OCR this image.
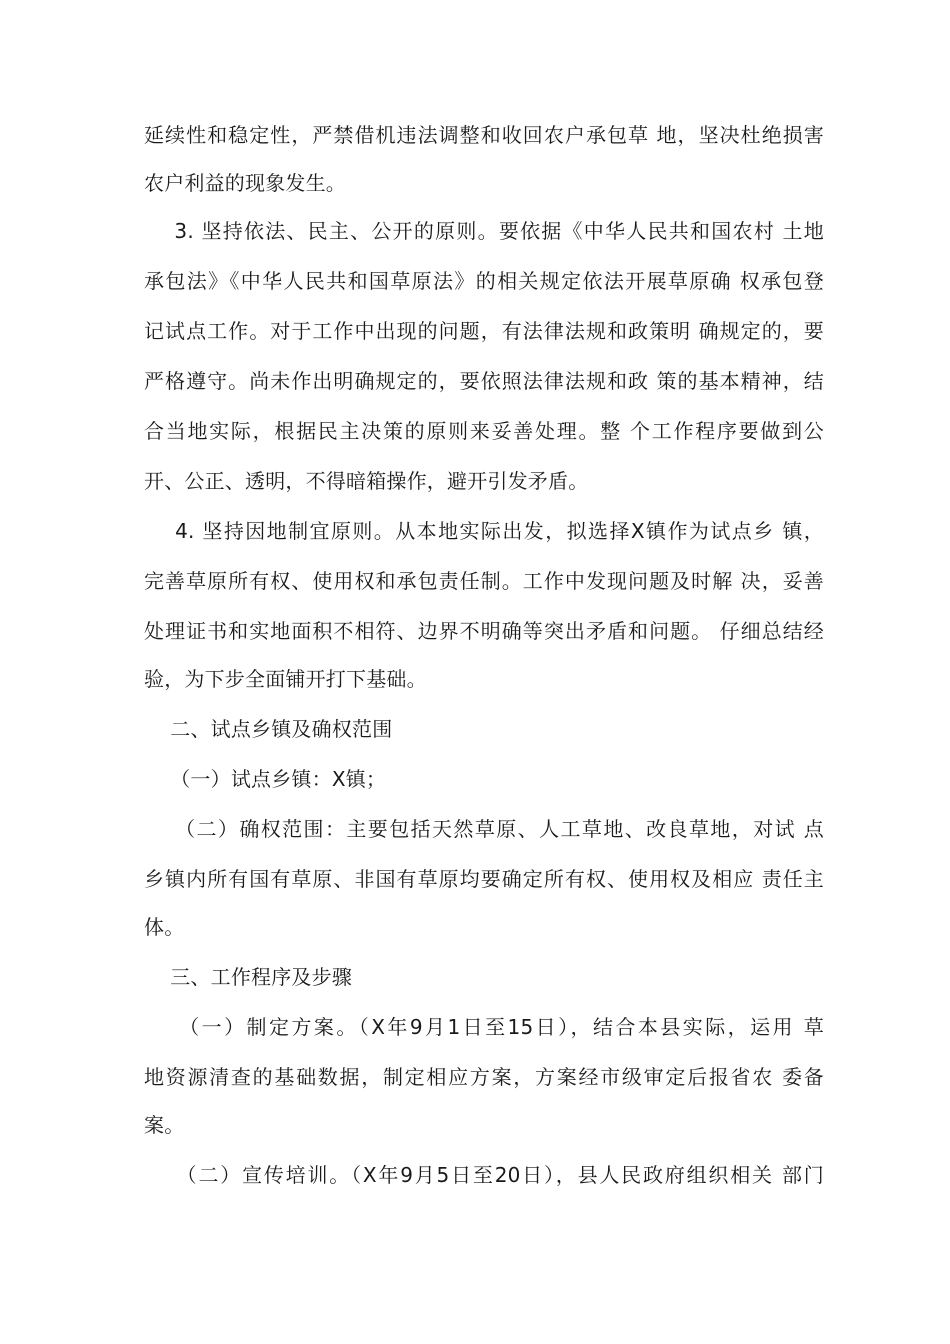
延续性和稳定性，严禁借机违法调整和收回农户承包草 地，坚决杜绝损害
农户利益的现象发生。
3. 坚持依法、民主、公开的原则。要依据《中华人民共和国农村 土地
承包法》《中华人民共和国草原法》的相关规定依法开展草原确 权承包登
记试点工作。对于工作中出现的问题，有法律法规和政策明 确规定的，要
严格遵守。尚未作出明确规定的，要依照法律法规和政 策的基本精神，结
合当地实际，根据民主决策的原则来妥善处理。整 个工作程序要做到公
开、公正、透明，不得暗箱操作，避开引发矛盾。
4. 坚持因地制宜原则。从本地实际出发，拟选择X镇作为试点乡 镇，
完善草原所有权、使用权和承包责任制。工作中发现问题及时解 决，妥善
处理证书和实地面积不相符、边界不明确等突出矛盾和问题。 仔细总结经
验，为下步全面铺开打下基础。
二、试点乡镇及确权范围
（一）试点乡镇：X镇；
（二）确权范围：主要包括天然草原、人工草地、改良草地，对试 点
乡镇内所有国有草原、非国有草原均要确定所有权、使用权及相应 责任主
体。
三、工作程序及步骤
（一）制定方案。（X年9月1日至15日），结合本县实际，运用 草
地资源清查的基础数据，制定相应方案，方案经市级审定后报省农 委备
案。
（二）宣传培训。（X年9月5日至20日），县人民政府组织相关 部门
